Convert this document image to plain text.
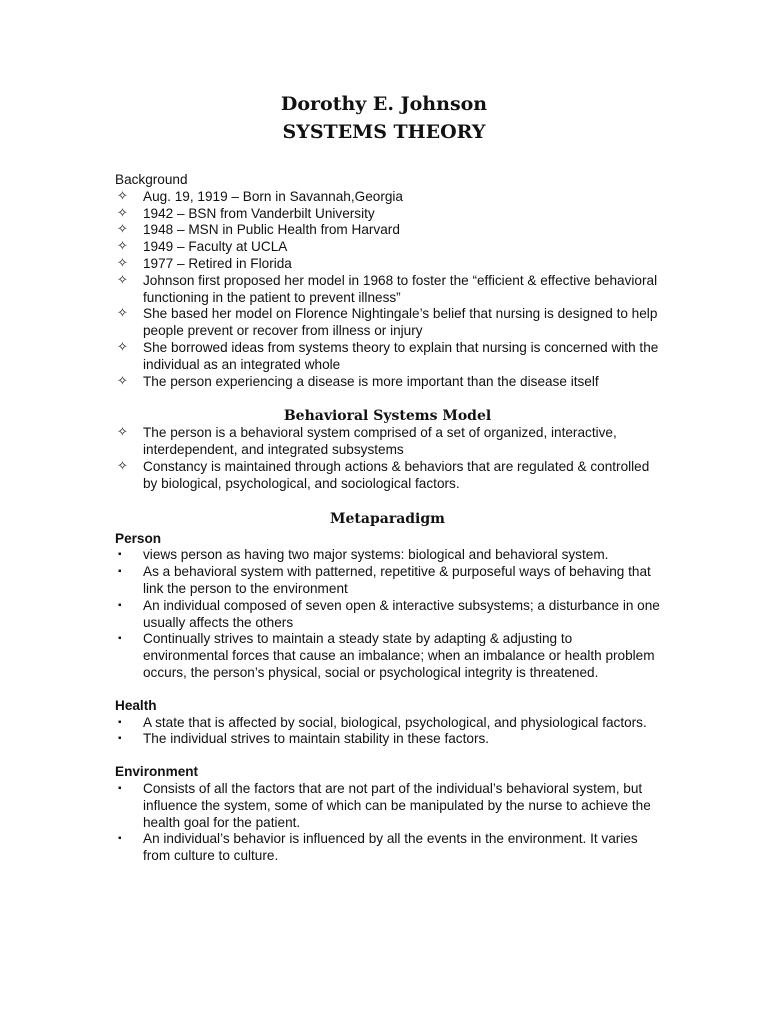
Dorothy E. Johnson
SYSTEMS THEORY
Background
✧ Aug. 19, 1919 – Born in Savannah,Georgia
✧ 1942 – BSN from Vanderbilt University
✧ 1948 – MSN in Public Health from Harvard
✧ 1949 – Faculty at UCLA
✧ 1977 – Retired in Florida
✧ Johnson first proposed her model in 1968 to foster the “efficient & effective behavioral functioning in the patient to prevent illness”
✧ She based her model on Florence Nightingale’s belief that nursing is designed to help people prevent or recover from illness or injury
✧ She borrowed ideas from systems theory to explain that nursing is concerned with the individual as an integrated whole
✧ The person experiencing a disease is more important than the disease itself
Behavioral Systems Model
✧ The person is a behavioral system comprised of a set of organized, interactive, interdependent, and integrated subsystems
✧ Constancy is maintained through actions & behaviors that are regulated & controlled by biological, psychological, and sociological factors.
Metaparadigm
Person
▪ views person as having two major systems: biological and behavioral system.
▪ As a behavioral system with patterned, repetitive & purposeful ways of behaving that link the person to the environment
▪ An individual composed of seven open & interactive subsystems; a disturbance in one usually affects the others
▪ Continually strives to maintain a steady state by adapting & adjusting to environmental forces that cause an imbalance; when an imbalance or health problem occurs, the person’s physical, social or psychological integrity is threatened.
Health
▪ A state that is affected by social, biological, psychological, and physiological factors.
▪ The individual strives to maintain stability in these factors.
Environment
▪ Consists of all the factors that are not part of the individual’s behavioral system, but influence the system, some of which can be manipulated by the nurse to achieve the health goal for the patient.
▪ An individual’s behavior is influenced by all the events in the environment. It varies from culture to culture.
